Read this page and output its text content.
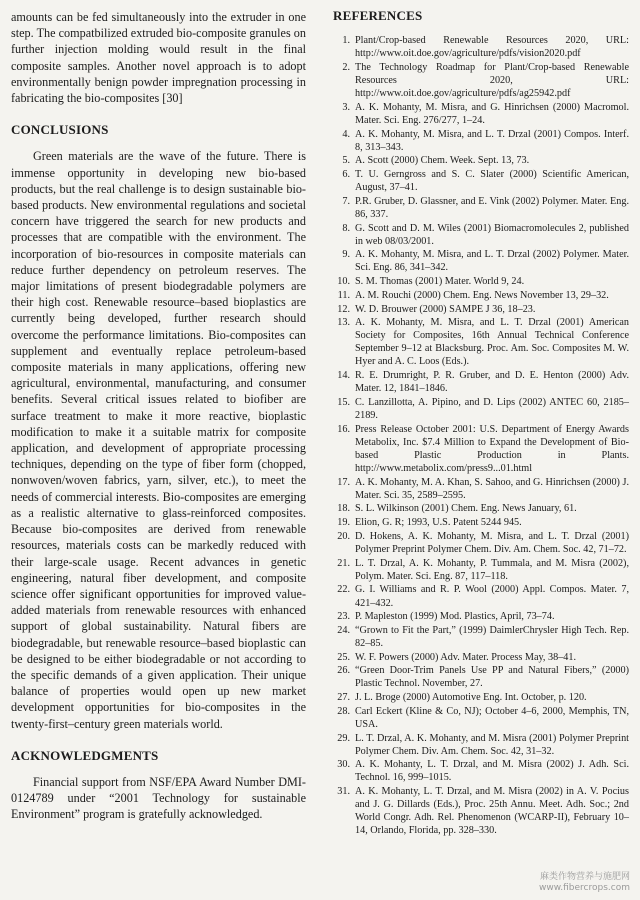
amounts can be fed simultaneously into the extruder in one step. The compatbilized extruded bio-composite granules on further injection molding would result in the final composite samples. Another novel approach is to adopt environmentally benign powder impregnation processing in fabricating the bio-composites [30]

CONCLUSIONS

Green materials are the wave of the future. There is immense opportunity in developing new bio-based products, but the real challenge is to design sustainable bio-based products. New environmental regulations and societal concern have triggered the search for new products and processes that are compatible with the environment. The incorporation of bio-resources in composite materials can reduce further dependency on petroleum reserves. The major limitations of present biodegradable polymers are their high cost. Renewable resource–based bioplastics are currently being developed, further research should overcome the performance limitations. Bio-composites can supplement and eventually replace petroleum-based composite materials in many applications, offering new agricultural, environmental, manufacturing, and consumer benefits. Several critical issues related to biofiber are surface treatment to make it more reactive, bioplastic modification to make it a suitable matrix for composite application, and development of appropriate processing techniques, depending on the type of fiber form (chopped, nonwoven/woven fabrics, yarn, silver, etc.), to meet the needs of commercial interests. Bio-composites are emerging as a realistic alternative to glass-reinforced composites. Because bio-composites are derived from renewable resources, materials costs can be markedly reduced with their large-scale usage. Recent advances in genetic engineering, natural fiber development, and composite science offer significant opportunities for improved value-added materials from renewable resources with enhanced support of global sustainability. Natural fibers are biodegradable, but renewable resource–based bioplastic can be designed to be either biodegradable or not according to the specific demands of a given application. Their unique balance of properties would open up new market development opportunities for bio-composites in the twenty-first–century green materials world.

ACKNOWLEDGMENTS

Financial support from NSF/EPA Award Number DMI-0124789 under “2001 Technology for sustainable Environment” program is gratefully acknowledged.

REFERENCES
1. Plant/Crop-based Renewable Resources 2020, URL: http://www.oit.doe.gov/agriculture/pdfs/vision2020.pdf
2. The Technology Roadmap for Plant/Crop-based Renewable Resources 2020, URL: http://www.oit.doe.gov/agriculture/pdfs/ag25942.pdf
3. A. K. Mohanty, M. Misra, and G. Hinrichsen (2000) Macromol. Mater. Sci. Eng. 276/277, 1–24.
4. A. K. Mohanty, M. Misra, and L. T. Drzal (2001) Compos. Interf. 8, 313–343.
5. A. Scott (2000) Chem. Week. Sept. 13, 73.
6. T. U. Gerngross and S. C. Slater (2000) Scientific American, August, 37–41.
7. P.R. Gruber, D. Glassner, and E. Vink (2002) Polymer. Mater. Eng. 86, 337.
8. G. Scott and D. M. Wiles (2001) Biomacromolecules 2, published in web 08/03/2001.
9. A. K. Mohanty, M. Misra, and L. T. Drzal (2002) Polymer. Mater. Sci. Eng. 86, 341–342.
10. S. M. Thomas (2001) Mater. World 9, 24.
11. A. M. Rouchi (2000) Chem. Eng. News November 13, 29–32.
12. W. D. Brouwer (2000) SAMPE J 36, 18–23.
13. A. K. Mohanty, M. Misra, and L. T. Drzal (2001) American Society for Composites, 16th Annual Technical Conference September 9–12 at Blacksburg. Proc. Am. Soc. Composites M. W. Hyer and A. C. Loos (Eds.).
14. R. E. Drumright, P. R. Gruber, and D. E. Henton (2000) Adv. Mater. 12, 1841–1846.
15. C. Lanzillotta, A. Pipino, and D. Lips (2002) ANTEC 60, 2185–2189.
16. Press Release October 2001: U.S. Department of Energy Awards Metabolix, Inc. $7.4 Million to Expand the Development of Bio-based Plastic Production in Plants. http://www.metabolix.com/press9...01.html
17. A. K. Mohanty, M. A. Khan, S. Sahoo, and G. Hinrichsen (2000) J. Mater. Sci. 35, 2589–2595.
18. S. L. Wilkinson (2001) Chem. Eng. News January, 61.
19. Elion, G. R; 1993, U.S. Patent 5244 945.
20. D. Hokens, A. K. Mohanty, M. Misra, and L. T. Drzal (2001) Polymer Preprint Polymer Chem. Div. Am. Chem. Soc. 42, 71–72.
21. L. T. Drzal, A. K. Mohanty, P. Tummala, and M. Misra (2002), Polym. Mater. Sci. Eng. 87, 117–118.
22. G. I. Williams and R. P. Wool (2000) Appl. Compos. Mater. 7, 421–432.
23. P. Mapleston (1999) Mod. Plastics, April, 73–74.
24. “Grown to Fit the Part,” (1999) DaimlerChrysler High Tech. Rep. 82–85.
25. W. F. Powers (2000) Adv. Mater. Process May, 38–41.
26. “Green Door-Trim Panels Use PP and Natural Fibers,” (2000) Plastic Technol. November, 27.
27. J. L. Broge (2000) Automotive Eng. Int. October, p. 120.
28. Carl Eckert (Kline & Co, NJ); October 4–6, 2000, Memphis, TN, USA.
29. L. T. Drzal, A. K. Mohanty, and M. Misra (2001) Polymer Preprint Polymer Chem. Div. Am. Chem. Soc. 42, 31–32.
30. A. K. Mohanty, L. T. Drzal, and M. Misra (2002) J. Adh. Sci. Technol. 16, 999–1015.
31. A. K. Mohanty, L. T. Drzal, and M. Misra (2002) in A. V. Pocius and J. G. Dillards (Eds.), Proc. 25th Annu. Meet. Adh. Soc.; 2nd World Congr. Adh. Rel. Phenomenon (WCARP-II), February 10–14, Orlando, Florida, pp. 328–330.
麻类作物营养与施肥网
www.fibercrops.com
